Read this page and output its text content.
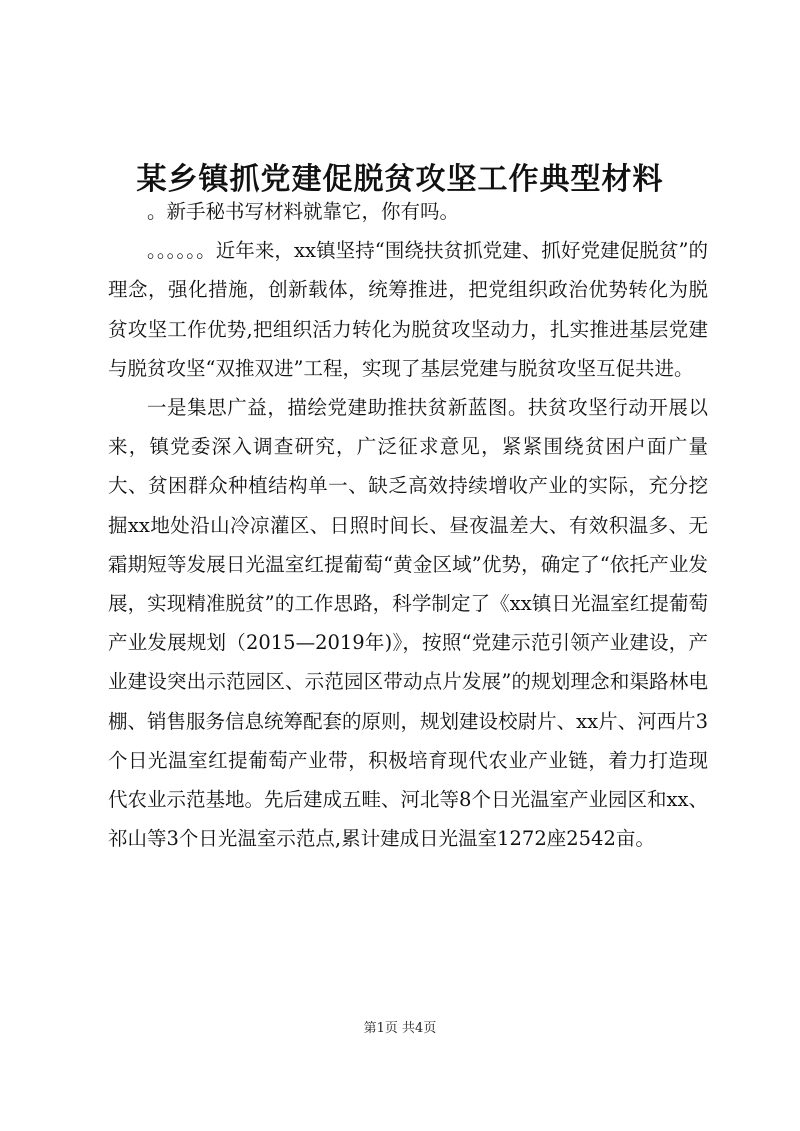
某乡镇抓党建促脱贫攻坚工作典型材料

。新手秘书写材料就靠它，你有吗。

。。。。。。近年来，xx镇坚持“围绕扶贫抓党建、抓好党建促脱贫”的理念，强化措施，创新载体，统筹推进，把党组织政治优势转化为脱贫攻坚工作优势,把组织活力转化为脱贫攻坚动力，扎实推进基层党建与脱贫攻坚“双推双进”工程，实现了基层党建与脱贫攻坚互促共进。

一是集思广益，描绘党建助推扶贫新蓝图。扶贫攻坚行动开展以来，镇党委深入调查研究，广泛征求意见，紧紧围绕贫困户面广量大、贫困群众种植结构单一、缺乏高效持续增收产业的实际，充分挖掘xx地处沿山冷凉灌区、日照时间长、昼夜温差大、有效积温多、无霜期短等发展日光温室红提葡萄“黄金区域”优势，确定了“依托产业发展，实现精准脱贫”的工作思路，科学制定了《xx镇日光温室红提葡萄产业发展规划（2015—2019年)》，按照“党建示范引领产业建设，产业建设突出示范园区、示范园区带动点片发展”的规划理念和渠路林电棚、销售服务信息统筹配套的原则，规划建设校尉片、xx片、河西片3个日光温室红提葡萄产业带，积极培育现代农业产业链，着力打造现代农业示范基地。先后建成五畦、河北等8个日光温室产业园区和xx、祁山等3个日光温室示范点,累计建成日光温室1272座2542亩。

第1页 共4页
